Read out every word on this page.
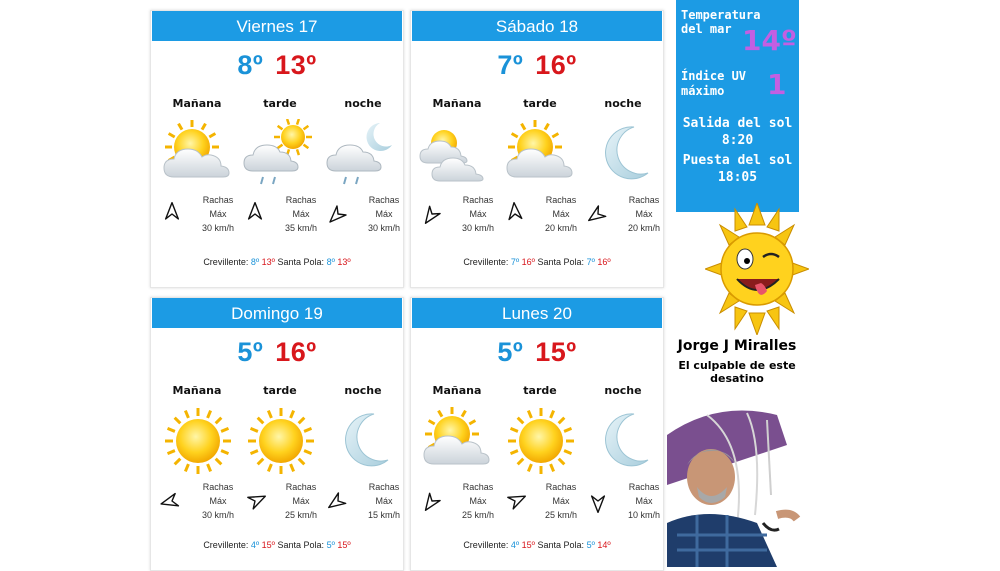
Viernes 17
8º 13º
Mañana
Rachas
Máx
30 km/h
tarde
Rachas
Máx
35 km/h
noche
Rachas
Máx
30 km/h
Crevillente: 8º 13º Santa Pola: 8º 13º
Sábado 18
7º 16º
Mañana
Rachas
Máx
30 km/h
tarde
Rachas
Máx
20 km/h
noche
Rachas
Máx
20 km/h
Crevillente: 7º 16º Santa Pola: 7º 16º
Domingo 19
5º 16º
Mañana
Rachas
Máx
30 km/h
tarde
Rachas
Máx
25 km/h
noche
Rachas
Máx
15 km/h
Crevillente: 4º 15º Santa Pola: 5º 15º
Lunes 20
5º 15º
Mañana
Rachas
Máx
25 km/h
tarde
Rachas
Máx
25 km/h
noche
Rachas
Máx
10 km/h
Crevillente: 4º 15º Santa Pola: 5º 14º
Temperatura
del mar 14º
Índice UV
máximo 1
Salida del sol
8:20
Puesta del sol
18:05
Jorge J Miralles
El culpable de este
desatino
